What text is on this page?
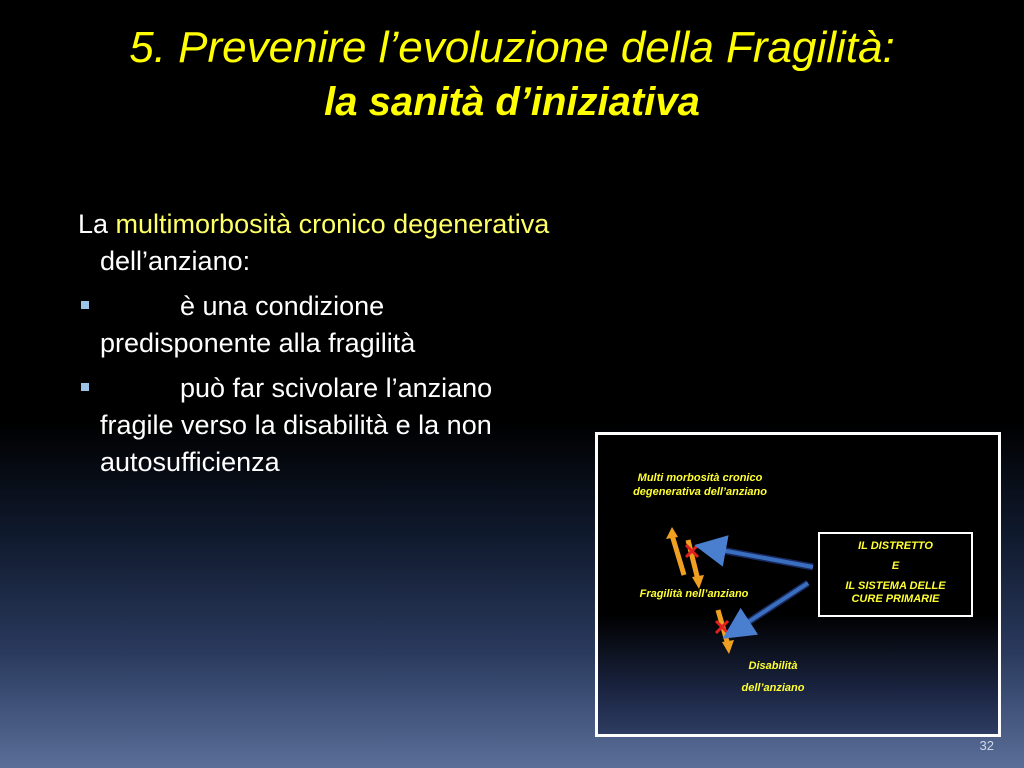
5. Prevenire l’evoluzione della Fragilità:
la sanità d’iniziativa

La multimorbosità cronico degenerativa dell’anziano:

è una condizione
predisponente alla fragilità
può far scivolare l’anziano
fragile verso la disabilità e la non autosufficienza
Multi morbosità cronico degenerativa dell’anziano
Fragilità nell’anziano
Disabilità
dell’anziano
IL DISTRETTO
E
IL SISTEMA DELLE
CURE PRIMARIE
32
